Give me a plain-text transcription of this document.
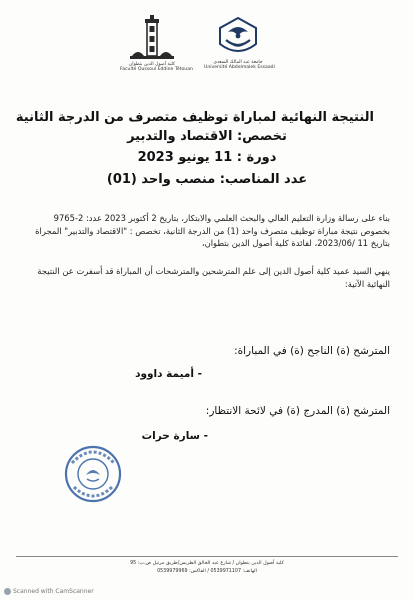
جامعة عبد المالك السعدي
Université Abdelmalek Essaadi
كلية أصول الدين بتطوان
Faculté Oussoul Eddine Tétouan
النتيجة النهائية لمباراة توظيف متصرف من الدرجة الثانية
تخصص: الاقتصاد والتدبير
دورة : 11 يونيو 2023
عدد المناصب: منصب واحد (01)
بناء على رسالة وزارة التعليم العالي والبحث العلمي والابتكار، بتاريخ 2 أكتوبر 2023 عدد: 2-9765 بخصوص نتيجة مباراة توظيف متصرف واحد (1) من الدرجة الثانية، تخصص : "الاقتصاد والتدبير" المجراة بتاريخ 11 /2023/06، لفائدة كلية أصول الدين بتطوان،
ينهي السيد عميد كلية أصول الدين إلى علم المترشحين والمترشحات أن المباراة قد أسفرت عن النتيجة النهائية الآتية:
المترشح (ة) الناجح (ة) في المباراة:
- أميمة داوود
المترشح (ة) المدرج (ة) في لائحة الانتظار:
- سارة حرات
كلية أصول الدين بتطوان / شارع عبد الخالق الطريس/طريق مرتيل ص.ب: 95
الهاتف: 0539971107 / الفاكس: 0539979969
Scanned with CamScanner
